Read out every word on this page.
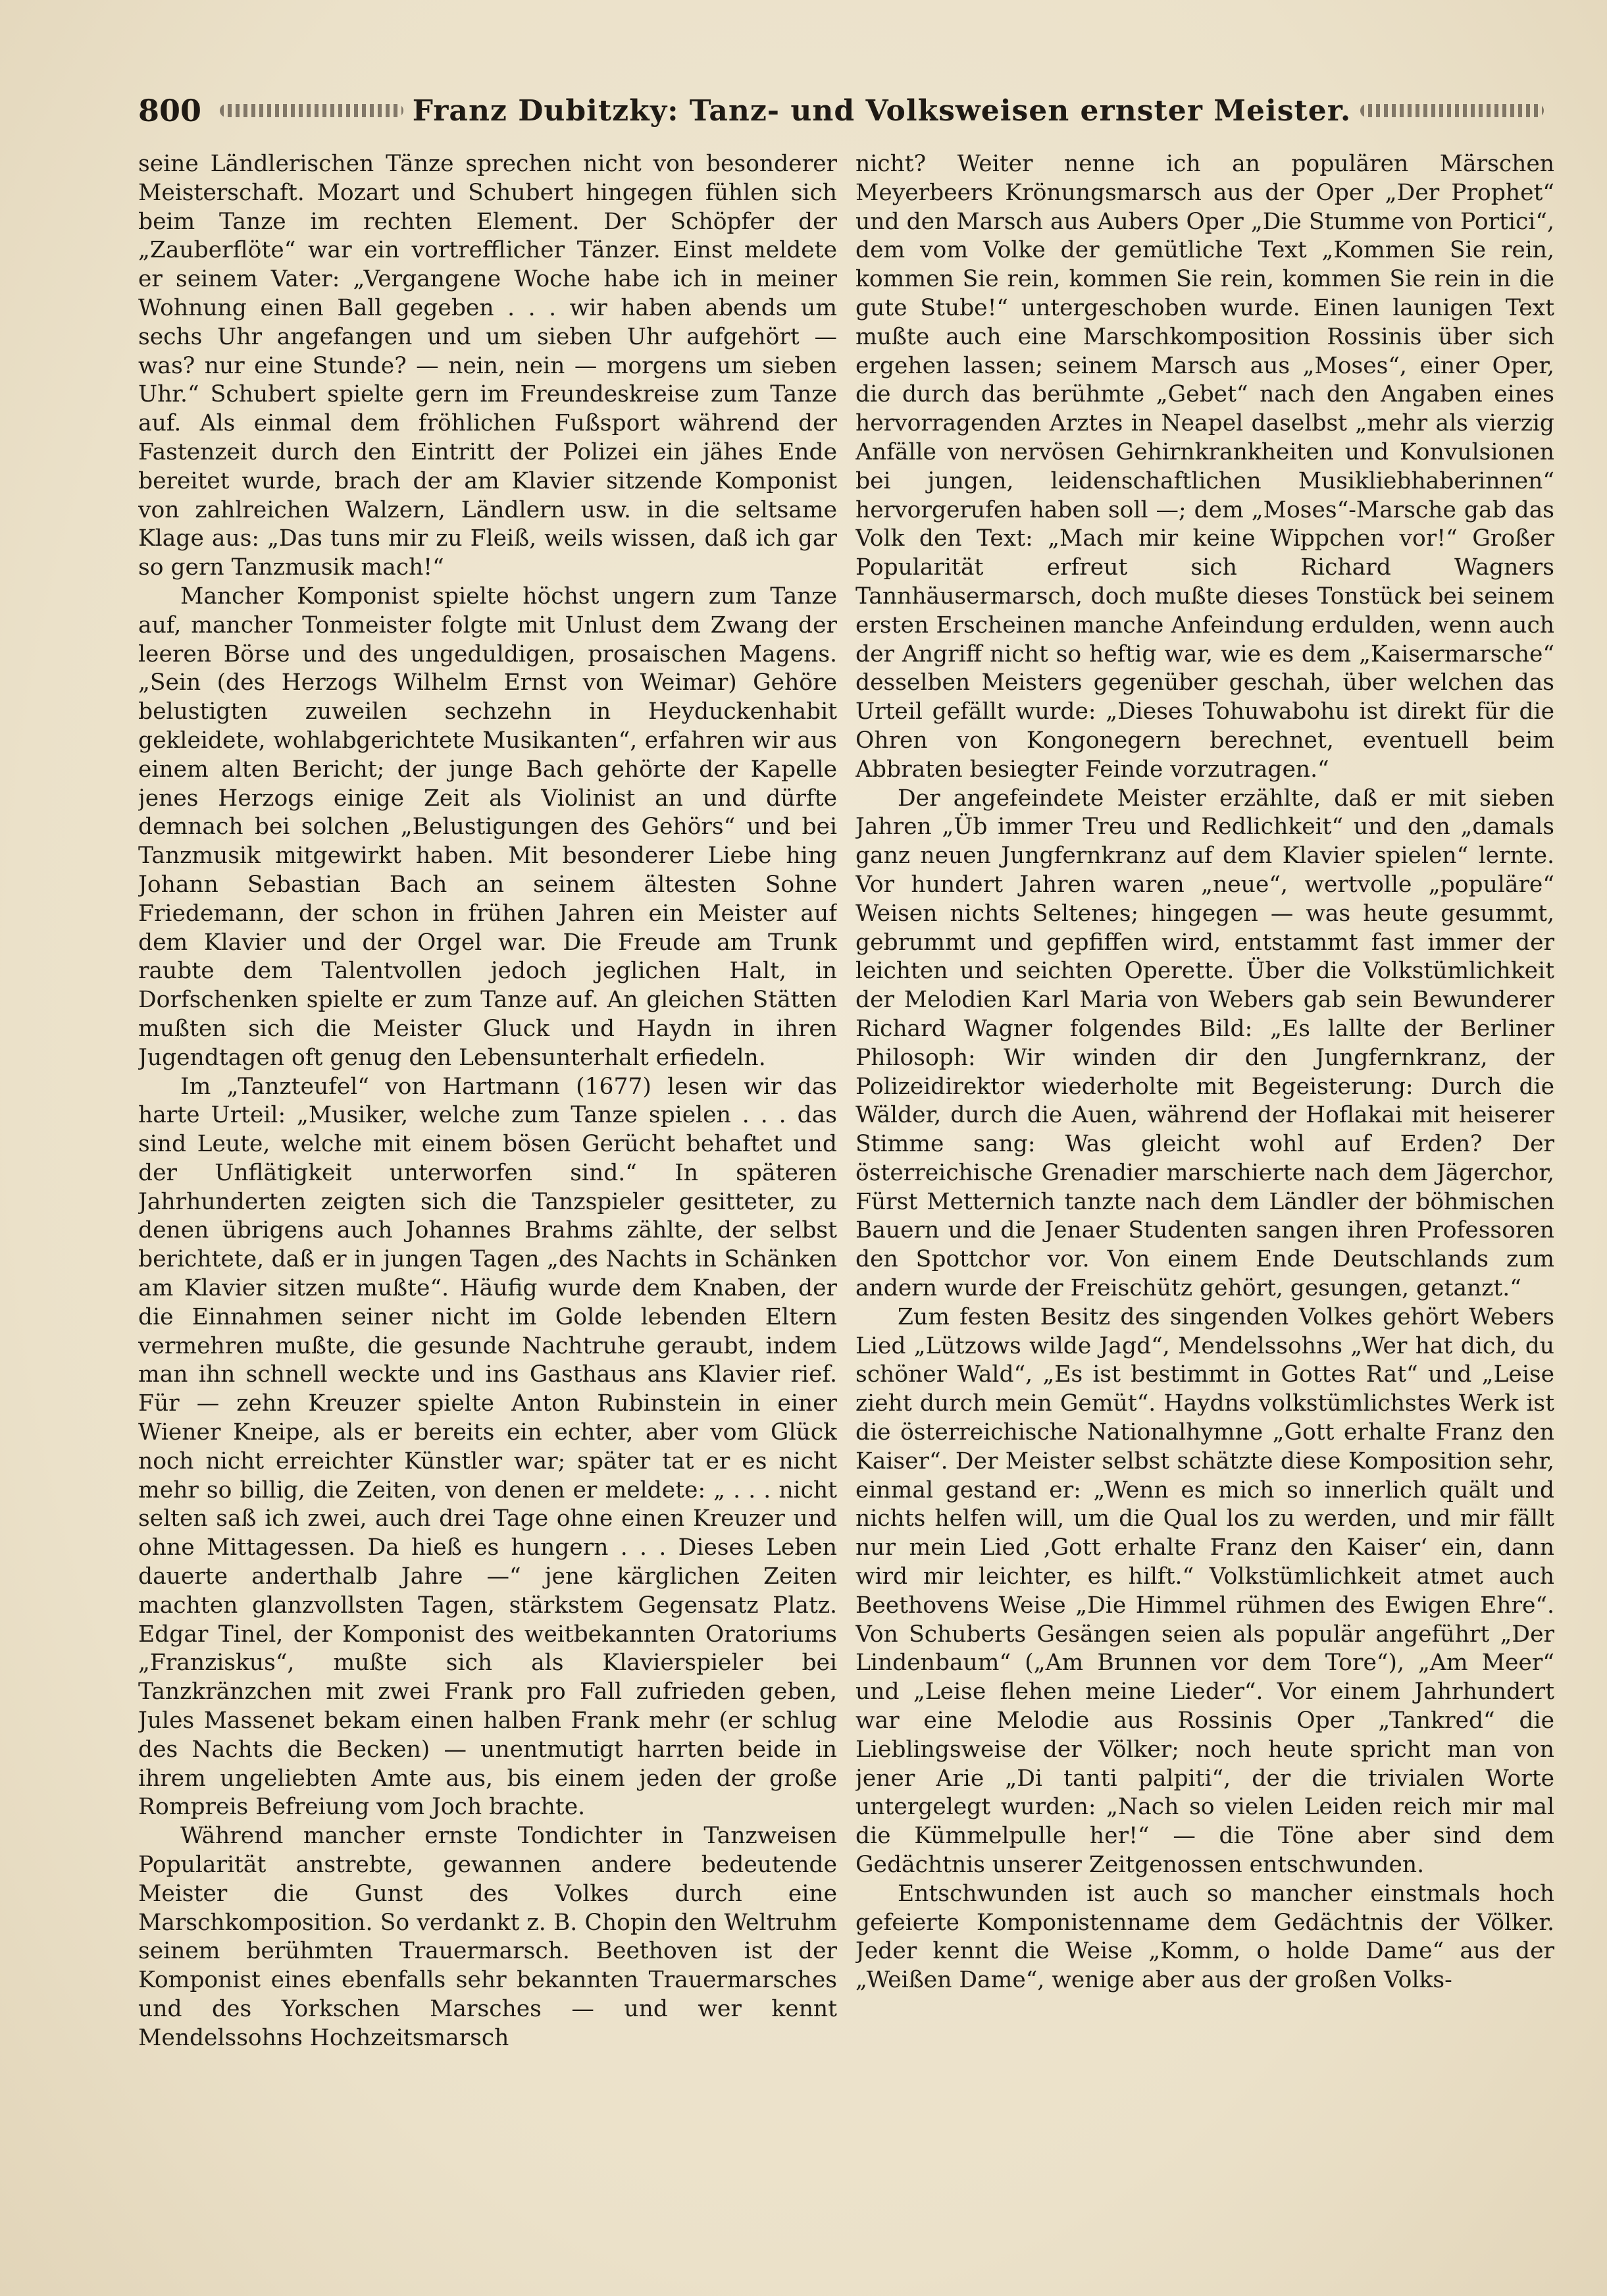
800	Franz Dubitzky: Tanz- und Volksweisen ernster Meister.

seine Ländlerischen Tänze sprechen nicht von besonderer Meisterschaft. Mozart und Schubert hingegen fühlen sich beim Tanze im rechten Element. Der Schöpfer der „Zauberflöte“ war ein vortrefflicher Tänzer. Einst meldete er seinem Vater: „Vergangene Woche habe ich in meiner Wohnung einen Ball gegeben . . . wir haben abends um sechs Uhr angefangen und um sieben Uhr aufgehört — was? nur eine Stunde? — nein, nein — morgens um sieben Uhr.“ Schubert spielte gern im Freundeskreise zum Tanze auf. Als einmal dem fröhlichen Fußsport während der Fastenzeit durch den Eintritt der Polizei ein jähes Ende bereitet wurde, brach der am Klavier sitzende Komponist von zahlreichen Walzern, Ländlern usw. in die seltsame Klage aus: „Das tuns mir zu Fleiß, weils wissen, daß ich gar so gern Tanzmusik mach!“

Mancher Komponist spielte höchst ungern zum Tanze auf, mancher Tonmeister folgte mit Unlust dem Zwang der leeren Börse und des ungeduldigen, prosaischen Magens. „Sein (des Herzogs Wilhelm Ernst von Weimar) Gehöre belustigten zuweilen sechzehn in Heyduckenhabit gekleidete, wohlabgerichtete Musikanten“, erfahren wir aus einem alten Bericht; der junge Bach gehörte der Kapelle jenes Herzogs einige Zeit als Violinist an und dürfte demnach bei solchen „Belustigungen des Gehörs“ und bei Tanzmusik mitgewirkt haben. Mit besonderer Liebe hing Johann Sebastian Bach an seinem ältesten Sohne Friedemann, der schon in frühen Jahren ein Meister auf dem Klavier und der Orgel war. Die Freude am Trunk raubte dem Talentvollen jedoch jeglichen Halt, in Dorfschenken spielte er zum Tanze auf. An gleichen Stätten mußten sich die Meister Gluck und Haydn in ihren Jugendtagen oft genug den Lebensunterhalt erfiedeln.

Im „Tanzteufel“ von Hartmann (1677) lesen wir das harte Urteil: „Musiker, welche zum Tanze spielen . . . das sind Leute, welche mit einem bösen Gerücht behaftet und der Unflätigkeit unterworfen sind.“ In späteren Jahrhunderten zeigten sich die Tanzspieler gesitteter, zu denen übrigens auch Johannes Brahms zählte, der selbst berichtete, daß er in jungen Tagen „des Nachts in Schänken am Klavier sitzen mußte“. Häufig wurde dem Knaben, der die Einnahmen seiner nicht im Golde lebenden Eltern vermehren mußte, die gesunde Nachtruhe geraubt, indem man ihn schnell weckte und ins Gasthaus ans Klavier rief. Für — zehn Kreuzer spielte Anton Rubinstein in einer Wiener Kneipe, als er bereits ein echter, aber vom Glück noch nicht erreichter Künstler war; später tat er es nicht mehr so billig, die Zeiten, von denen er meldete: „ . . . nicht selten saß ich zwei, auch drei Tage ohne einen Kreuzer und ohne Mittagessen. Da hieß es hungern . . . Dieses Leben dauerte anderthalb Jahre —“ jene kärglichen Zeiten machten glanzvollsten Tagen, stärkstem Gegensatz Platz. Edgar Tinel, der Komponist des weitbekannten Oratoriums „Franziskus“, mußte sich als Klavierspieler bei Tanzkränzchen mit zwei Frank pro Fall zufrieden geben, Jules Massenet bekam einen halben Frank mehr (er schlug des Nachts die Becken) — unentmutigt harrten beide in ihrem ungeliebten Amte aus, bis einem jeden der große Rompreis Befreiung vom Joch brachte.

Während mancher ernste Tondichter in Tanzweisen Popularität anstrebte, gewannen andere bedeutende Meister die Gunst des Volkes durch eine Marschkomposition. So verdankt z. B. Chopin den Weltruhm seinem berühmten Trauermarsch. Beethoven ist der Komponist eines ebenfalls sehr bekannten Trauermarsches und des Yorkschen Marsches — und wer kennt Mendelssohns Hochzeitsmarsch

nicht? Weiter nenne ich an populären Märschen Meyerbeers Krönungsmarsch aus der Oper „Der Prophet“ und den Marsch aus Aubers Oper „Die Stumme von Portici“, dem vom Volke der gemütliche Text „Kommen Sie rein, kommen Sie rein, kommen Sie rein, kommen Sie rein in die gute Stube!“ untergeschoben wurde. Einen launigen Text mußte auch eine Marschkomposition Rossinis über sich ergehen lassen; seinem Marsch aus „Moses“, einer Oper, die durch das berühmte „Gebet“ nach den Angaben eines hervorragenden Arztes in Neapel daselbst „mehr als vierzig Anfälle von nervösen Gehirnkrankheiten und Konvulsionen bei jungen, leidenschaftlichen Musikliebhaberinnen“ hervorgerufen haben soll —; dem „Moses“-Marsche gab das Volk den Text: „Mach mir keine Wippchen vor!“ Großer Popularität erfreut sich Richard Wagners Tannhäusermarsch, doch mußte dieses Tonstück bei seinem ersten Erscheinen manche Anfeindung erdulden, wenn auch der Angriff nicht so heftig war, wie es dem „Kaisermarsche“ desselben Meisters gegenüber geschah, über welchen das Urteil gefällt wurde: „Dieses Tohuwabohu ist direkt für die Ohren von Kongonegern berechnet, eventuell beim Abbraten besiegter Feinde vorzutragen.“

Der angefeindete Meister erzählte, daß er mit sieben Jahren „Üb immer Treu und Redlichkeit“ und den „damals ganz neuen Jungfernkranz auf dem Klavier spielen“ lernte. Vor hundert Jahren waren „neue“, wertvolle „populäre“ Weisen nichts Seltenes; hingegen — was heute gesummt, gebrummt und gepfiffen wird, entstammt fast immer der leichten und seichten Operette. Über die Volkstümlichkeit der Melodien Karl Maria von Webers gab sein Bewunderer Richard Wagner folgendes Bild: „Es lallte der Berliner Philosoph: Wir winden dir den Jungfernkranz, der Polizeidirektor wiederholte mit Begeisterung: Durch die Wälder, durch die Auen, während der Hoflakai mit heiserer Stimme sang: Was gleicht wohl auf Erden? Der österreichische Grenadier marschierte nach dem Jägerchor, Fürst Metternich tanzte nach dem Ländler der böhmischen Bauern und die Jenaer Studenten sangen ihren Professoren den Spottchor vor. Von einem Ende Deutschlands zum andern wurde der Freischütz gehört, gesungen, getanzt.“

Zum festen Besitz des singenden Volkes gehört Webers Lied „Lützows wilde Jagd“, Mendelssohns „Wer hat dich, du schöner Wald“, „Es ist bestimmt in Gottes Rat“ und „Leise zieht durch mein Gemüt“. Haydns volkstümlichstes Werk ist die österreichische Nationalhymne „Gott erhalte Franz den Kaiser“. Der Meister selbst schätzte diese Komposition sehr, einmal gestand er: „Wenn es mich so innerlich quält und nichts helfen will, um die Qual los zu werden, und mir fällt nur mein Lied ‚Gott erhalte Franz den Kaiser‘ ein, dann wird mir leichter, es hilft.“ Volkstümlichkeit atmet auch Beethovens Weise „Die Himmel rühmen des Ewigen Ehre“. Von Schuberts Gesängen seien als populär angeführt „Der Lindenbaum“ („Am Brunnen vor dem Tore“), „Am Meer“ und „Leise flehen meine Lieder“. Vor einem Jahrhundert war eine Melodie aus Rossinis Oper „Tankred“ die Lieblingsweise der Völker; noch heute spricht man von jener Arie „Di tanti palpiti“, der die trivialen Worte untergelegt wurden: „Nach so vielen Leiden reich mir mal die Kümmelpulle her!“ — die Töne aber sind dem Gedächtnis unserer Zeitgenossen entschwunden.

Entschwunden ist auch so mancher einstmals hoch gefeierte Komponistenname dem Gedächtnis der Völker. Jeder kennt die Weise „Komm, o holde Dame“ aus der „Weißen Dame“, wenige aber aus der großen Volks-
